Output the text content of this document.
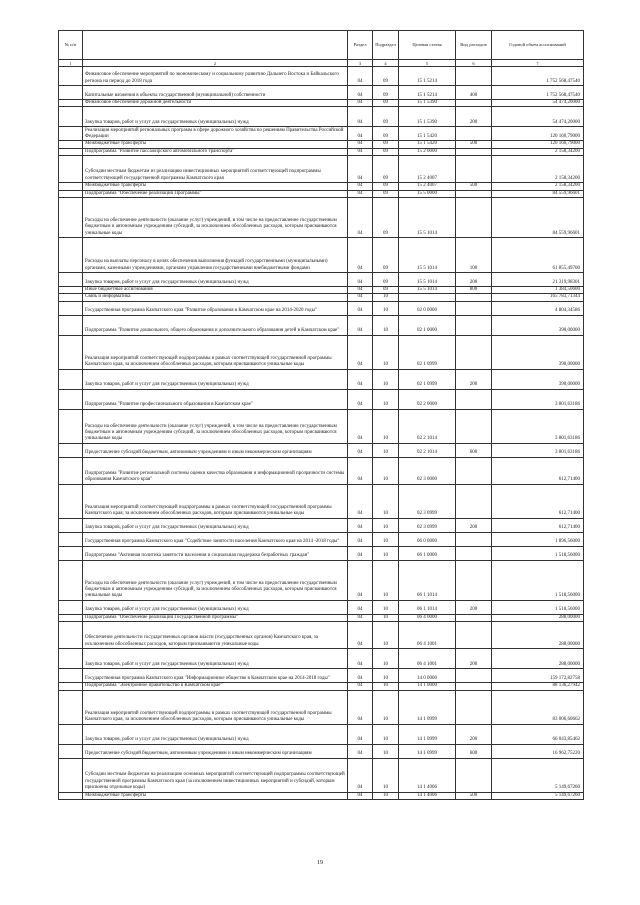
№ п/п		Раздел	Подраздел	Целевая статья	Вид расходов	Годовой объем ассигнований
1	2	3	4	5	6	7
	Финансовое обеспечение мероприятий по экономическому и социальному развитию Дальнего Востока и Байкальского региона на период до 2018 года	04	09	15 1 5214		1 752 568,47540
	Капитальные вложения в объекты государственной (муниципальной) собственности	04	09	15 1 5214	400	1 752 568,47540
	Финансовое обеспечение дорожной деятельности	04	09	15 1 5390		54 474,20000
	Закупка товаров, работ и услуг для государственных (муниципальных) нужд	04	09	15 1 5390	200	54 474,20000
	Реализация мероприятий региональных программ в сфере дорожного хозяйства по решениям Правительства Российской Федерации	04	09	15 1 5420		120 160,79000
	Межбюджетные трансферты	04	09	15 1 5420	500	120 160,79000
	Подпрограмма "Развитие пассажирского автомобильного транспорта"	04	09	15 2 0000		2 158,34200
	Субсидии местным бюджетам из реализацию инвестиционных мероприятий соответствующей подпрограммы соответствующей государственной программы Камчатского края	04	09	15 2 4007		2 158,34200
	Межбюджетные трансферты	04	09	15 2 4007	500	2 158,34200
	Подпрограмма "Обеспечение реализации Программы"	04	09	15 5 0000		84 559,96601
	Расходы на обеспечение деятельности (оказание услуг) учреждений, в том числе на предоставление государственным бюджетным и автономным учреждениям субсидий, за исключением обособленных расходов, которым присваиваются уникальные коды	04	09	15 5 1014		84 559,96601
	Расходы на выплаты персоналу в целях обеспечения выполнения функций государственными (муниципальными) органами, казенными учреждениями, органами управления государственными внебюджетными фондами	04	09	15 5 1014	100	61 855,49700
	Закупка товаров, работ и услуг для государственных (муниципальных) нужд	04	09	15 5 1014	200	21 319,98301
	Иные бюджетные ассигнования	04	09	15 5 1014	800	1 384,50600
	Связь и информатика	04	10			165 783,71344
	Государственная программа Камчатского края "Развитие образования в Камчатском крае на 2014-2020 годы"	04	10	02 0 0000		4 804,34586
	Подпрограмма "Развитие дошкольного, общего образования и дополнительного образования детей в Камчатском крае"	04	10	02 1 0000		390,00000
	Реализация мероприятий соответствующей подпрограммы в рамках соответствующей государственной программы Камчатского края, за исключением обособленных расходов, которым присваиваются уникальные коды	04	10	02 1 0999		390,00000
	Закупка товаров, работ и услуг для государственных (муниципальных) нужд	04	10	02 1 0999	200	390,00000
	Подпрограмма "Развитие профессионального образования в Камчатском крае"	04	10	02 2 0000		3 801,63186
	Расходы на обеспечение деятельности (оказание услуг) учреждений, в том числе на предоставление государственным бюджетным и автономным учреждениям субсидий, за исключением обособленных расходов, которым присваиваются уникальные коды	04	10	02 2 1014		3 801,63186
	Предоставление субсидий бюджетным, автономным учреждениям и иным некоммерческим организациям	04	10	02 2 1014	600	3 801,63186
	Подпрограмма "Развитие региональной системы оценки качества образования и информационной прозрачности системы образования Камчатского края"	04	10	02 3 0000		612,71400
	Реализация мероприятий соответствующей подпрограммы в рамках соответствующей государственной программы Камчатского края, за исключением обособленных расходов, которым присваиваются уникальные коды	04	10	02 3 0999		612,71400
	Закупка товаров, работ и услуг для государственных (муниципальных) нужд	04	10	02 3 0999	200	612,71400
	Государственная программа Камчатского края "Содействие занятости населения Камчатского края на 2014 -2018 годы"	04	10	06 0 0000		1 896,56000
	Подпрограмма "Активная политика занятости населения и социальная поддержка безработных граждан"	04	10	06 1 0000		1 518,56000
	Расходы на обеспечение деятельности (оказание услуг) учреждений, в том числе на предоставление государственным бюджетным и автономным учреждениям субсидий, за исключением обособленных расходов, которым присваиваются уникальные коды	04	10	06 1 1014		1 518,56000
	Закупка товаров, работ и услуг для государственных (муниципальных) нужд	04	10	06 1 1014	200	1 518,56000
	Подпрограмма "Обеспечение реализации Государственной программы"	04	10	06 4 0000		288,00000
	Обеспечение деятельности государственных органов власти (государственных органов) Камчатского края, за исключением обособленных расходов, которым присваиваются уникальные коды	04	10	06 4 1001		288,00000
	Закупка товаров, работ и услуг для государственных (муниципальных) нужд	04	10	06 4 1001	200	288,00000
	Государственная программа Камчатского края "Информационное общество в Камчатском крае на 2014-2018 годы"	04	10	14 0 0000		159 172,82758
	Подпрограмма "Электронное правительство в Камчатском крае"	04	10	14 1 0000		88 136,27942
	Реализация мероприятий соответствующей подпрограммы в рамках соответствующей государственной программы Камчатского края, за исключением обособленных расходов, которым присваиваются уникальные коды	04	10	14 1 0999		83 006,60662
	Закупка товаров, работ и услуг для государственных (муниципальных) нужд	04	10	14 1 0999	200	66 043,85462
	Предоставление субсидий бюджетным, автономным учреждениям и иным некоммерческим организациям	04	10	14 1 0999	600	16 962,75220
	Субсидии местным бюджетам на реализацию основных мероприятий соответствующей подпрограммы соответствующей государственной программы Камчатского края (за исключением инвестиционных мероприятий и субсидий, которым присвоены отдельные коды)	04	10	14 1 4006		5 149,67260
	Межбюджетные трансферты	04	10	14 1 4006	500	5 149,67260
19
